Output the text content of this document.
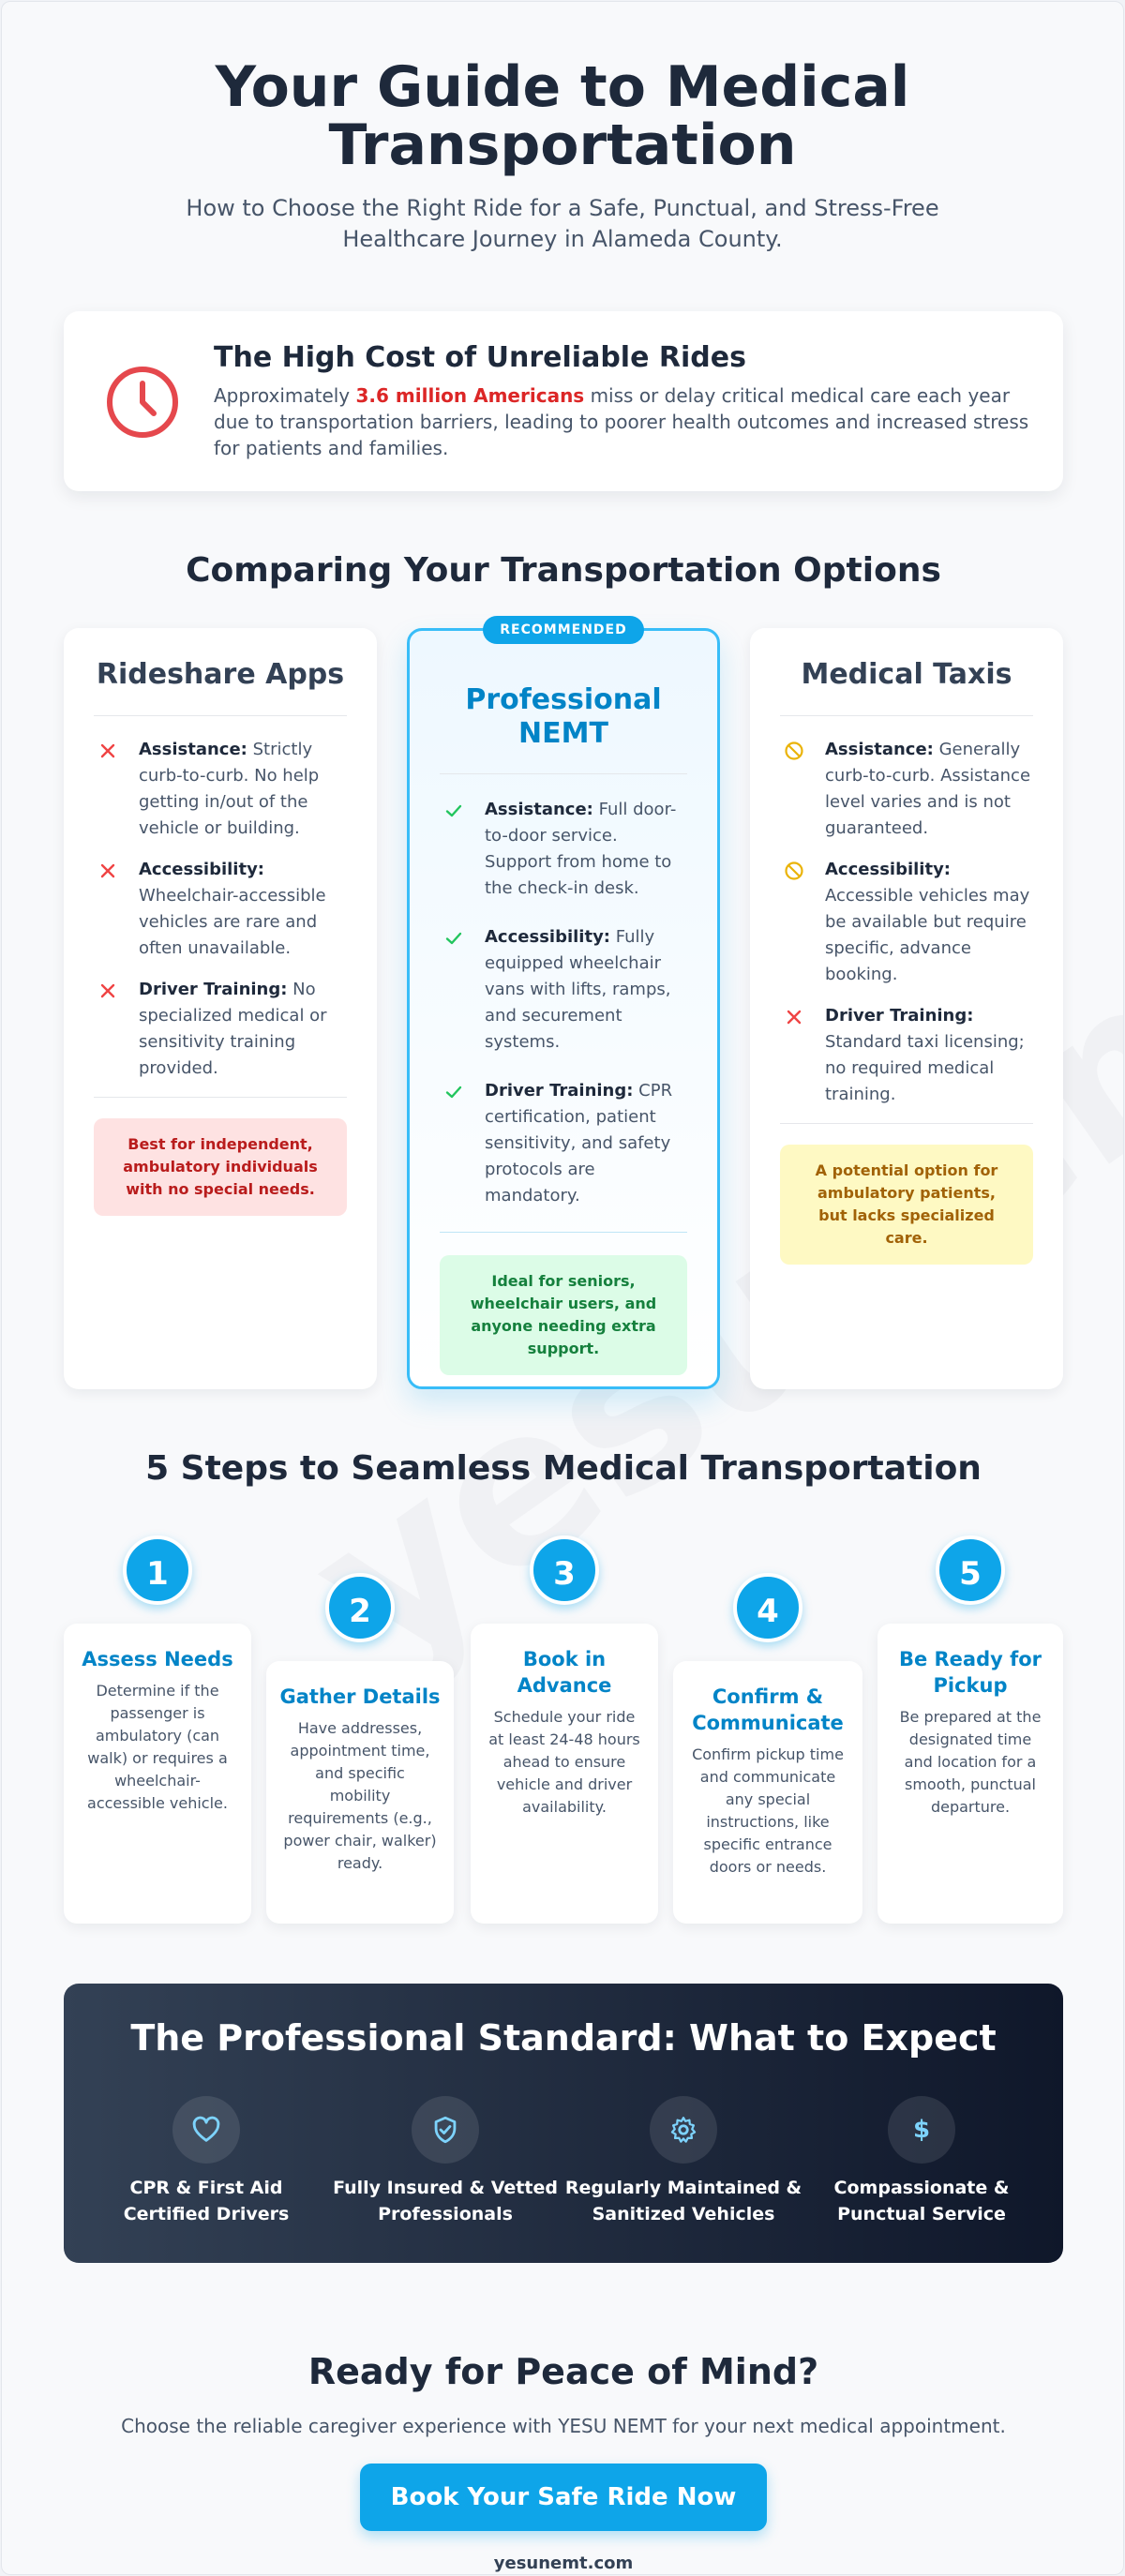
Your Guide to Medical Transportation

How to Choose the Right Ride for a Safe, Punctual, and Stress-Free Healthcare Journey in Alameda County.

The High Cost of Unreliable Rides

Approximately 3.6 million Americans miss or delay critical medical care each year due to transportation barriers, leading to poorer health outcomes and increased stress for patients and families.

Comparing Your Transportation Options
Rideshare Apps
Assistance: Strictly curb-to-curb. No help getting in/out of the vehicle or building.
Accessibility: Wheelchair-accessible vehicles are rare and often unavailable.
Driver Training: No specialized medical or sensitivity training provided.
Best for independent, ambulatory individuals with no special needs.
RECOMMENDED
Professional NEMT
Assistance: Full door-to-door service. Support from home to the check-in desk.
Accessibility: Fully equipped wheelchair vans with lifts, ramps, and securement systems.
Driver Training: CPR certification, patient sensitivity, and safety protocols are mandatory.
Ideal for seniors, wheelchair users, and anyone needing extra support.
Medical Taxis
Assistance: Generally curb-to-curb. Assistance level varies and is not guaranteed.
Accessibility: Accessible vehicles may be available but require specific, advance booking.
Driver Training: Standard taxi licensing; no required medical training.
A potential option for ambulatory patients, but lacks specialized care.
5 Steps to Seamless Medical Transportation
Assess Needs

Determine if the passenger is ambulatory (can walk) or requires a wheelchair-accessible vehicle.

1
Gather Details

Have addresses, appointment time, and specific mobility requirements (e.g., power chair, walker) ready.

2
Book in Advance

Schedule your ride at least 24-48 hours ahead to ensure vehicle and driver availability.

3
Confirm & Communicate

Confirm pickup time and communicate any special instructions, like specific entrance doors or needs.

4
Be Ready for Pickup

Be prepared at the designated time and location for a smooth, punctual departure.

5
The Professional Standard: What to Expect
CPR & First Aid Certified Drivers
Fully Insured & Vetted Professionals
Regularly Maintained & Sanitized Vehicles
$
Compassionate & Punctual Service
Ready for Peace of Mind?

Choose the reliable caregiver experience with YESU NEMT for your next medical appointment.

Book Your Safe Ride Now
yesunemt.com
